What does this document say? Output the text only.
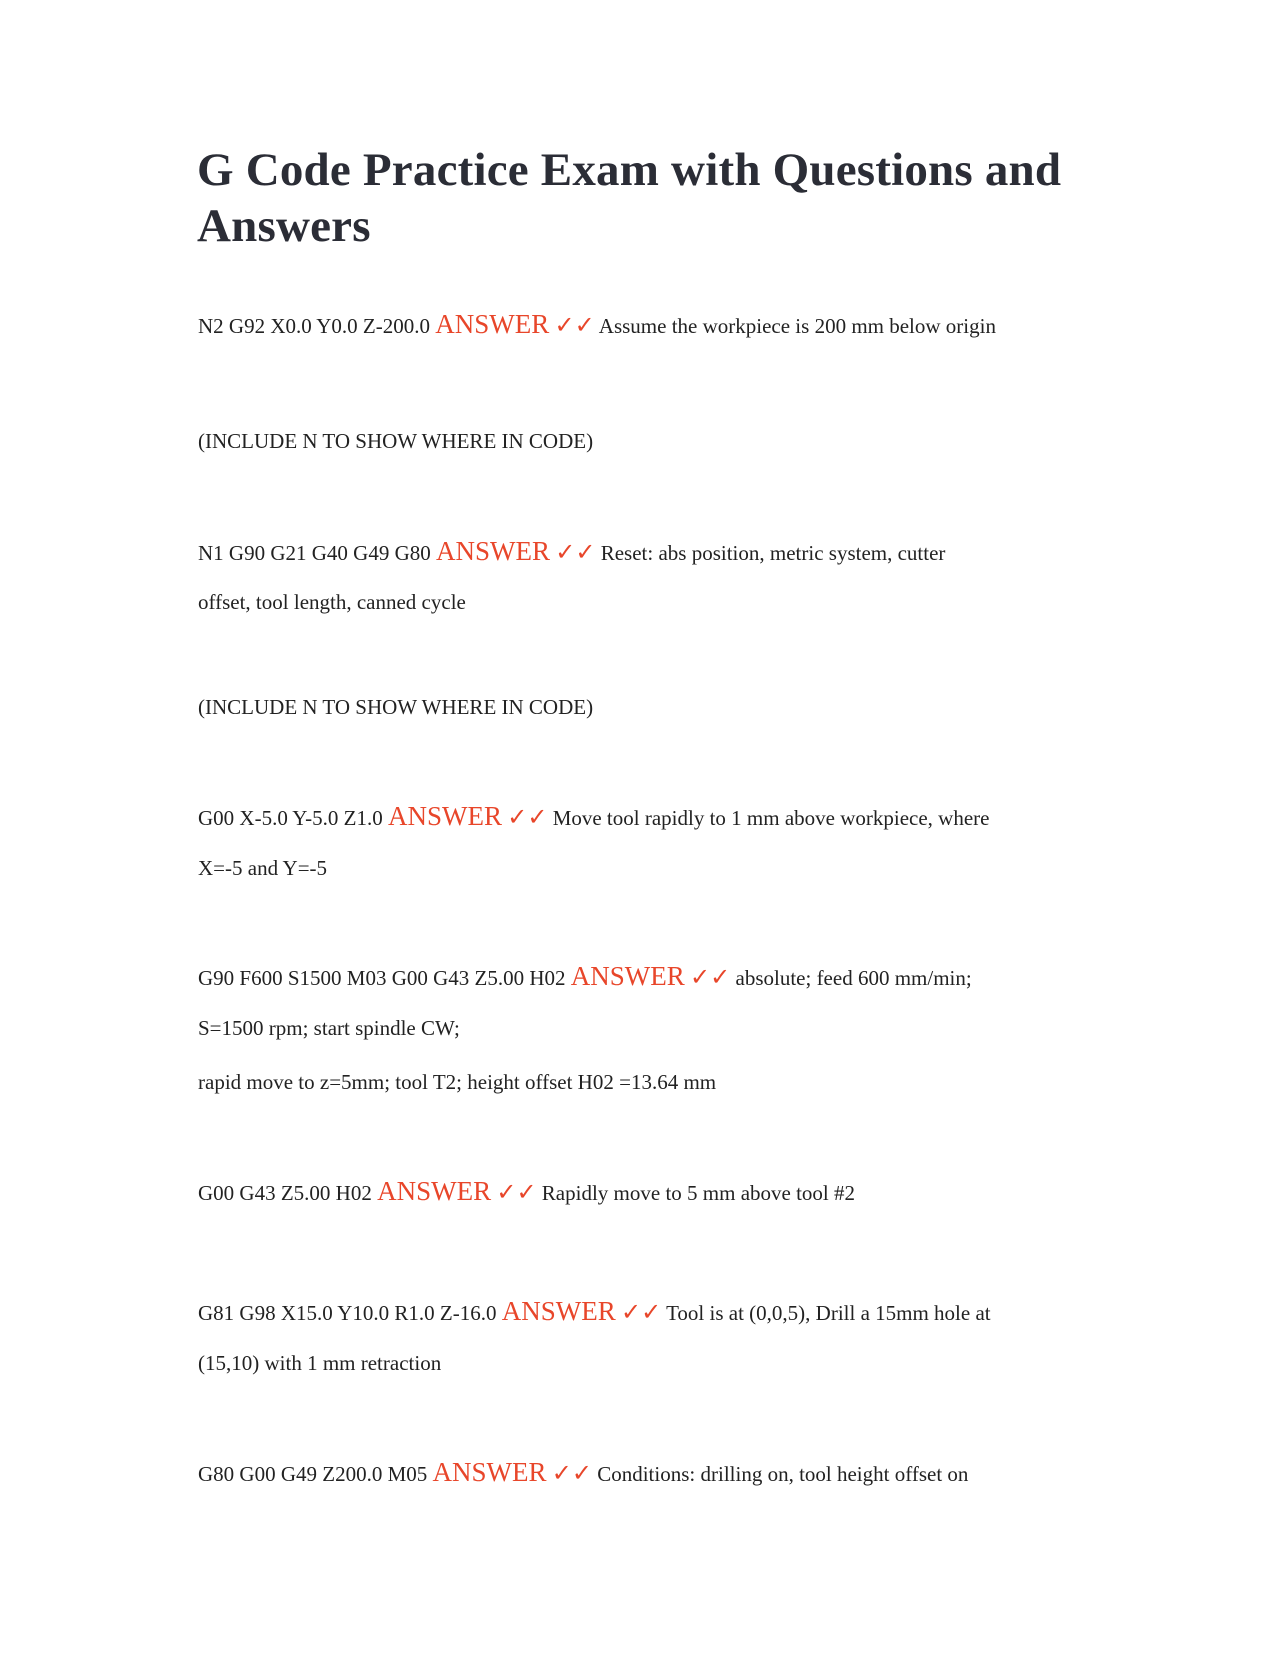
G Code Practice Exam with Questions and
Answers
N2 G92 X0.0 Y0.0 Z-200.0 ANSWER ✓✓ Assume the workpiece is 200 mm below origin
(INCLUDE N TO SHOW WHERE IN CODE)
N1 G90 G21 G40 G49 G80 ANSWER ✓✓ Reset: abs position, metric system, cutter
offset, tool length, canned cycle
(INCLUDE N TO SHOW WHERE IN CODE)
G00 X-5.0 Y-5.0 Z1.0 ANSWER ✓✓ Move tool rapidly to 1 mm above workpiece, where
X=-5 and Y=-5
G90 F600 S1500 M03 G00 G43 Z5.00 H02 ANSWER ✓✓ absolute; feed 600 mm/min;
S=1500 rpm; start spindle CW;
rapid move to z=5mm; tool T2; height offset H02 =13.64 mm
G00 G43 Z5.00 H02 ANSWER ✓✓ Rapidly move to 5 mm above tool #2
G81 G98 X15.0 Y10.0 R1.0 Z-16.0 ANSWER ✓✓ Tool is at (0,0,5), Drill a 15mm hole at
(15,10) with 1 mm retraction
G80 G00 G49 Z200.0 M05 ANSWER ✓✓ Conditions: drilling on, tool height offset on
